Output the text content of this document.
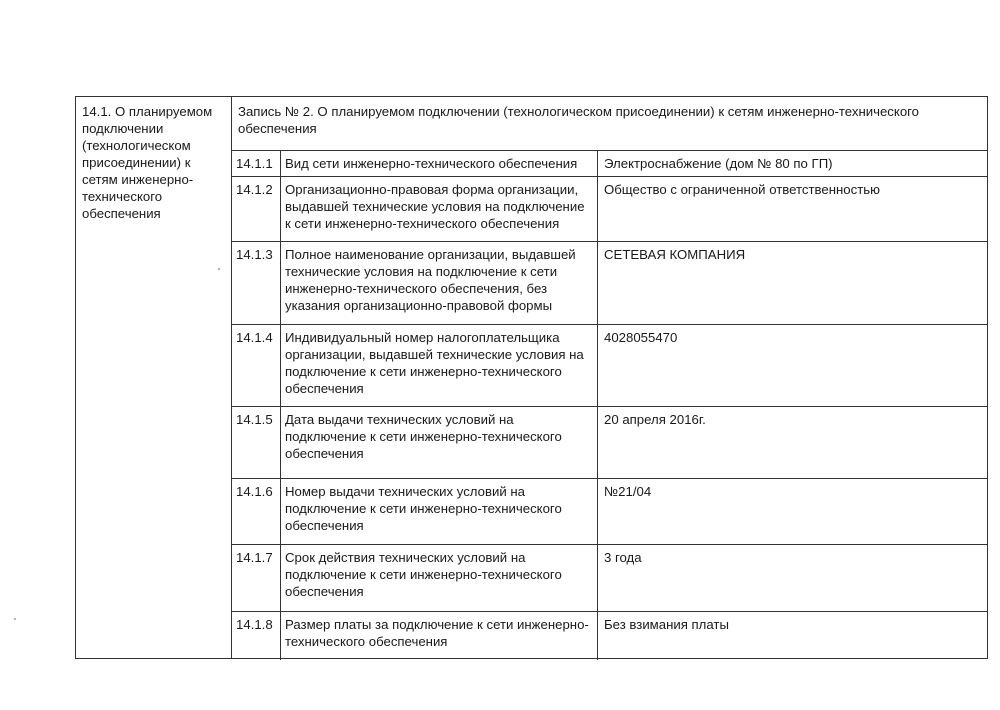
14.1. О планируемом подключении (технологическом присоединении) к сетям инженерно-технического обеспечения
Запись № 2. О планируемом подключении (технологическом присоединении) к сетям инженерно-технического обеспечения
14.1.1 Вид сети инженерно-технического обеспечения	Электроснабжение (дом № 80 по ГП)
14.1.2 Организационно-правовая форма организации, выдавшей технические условия на подключение к сети инженерно-технического обеспечения
Общество с ограниченной ответственностью
14.1.3 Полное наименование организации, выдавшей технические условия на подключение к сети инженерно-технического обеспечения, без указания организационно-правовой формы
СЕТЕВАЯ КОМПАНИЯ
14.1.4 Индивидуальный номер налогоплательщика организации, выдавшей технические условия на подключение к сети инженерно-технического обеспечения
4028055470
14.1.5 Дата выдачи технических условий на подключение к сети инженерно-технического обеспечения
20 апреля 2016г.
14.1.6 Номер выдачи технических условий на подключение к сети инженерно-технического обеспечения
№21/04
14.1.7 Срок действия технических условий на подключение к сети инженерно-технического обеспечения
3 года
14.1.8 Размер платы за подключение к сети инженерно-технического обеспечения
Без взимания платы
